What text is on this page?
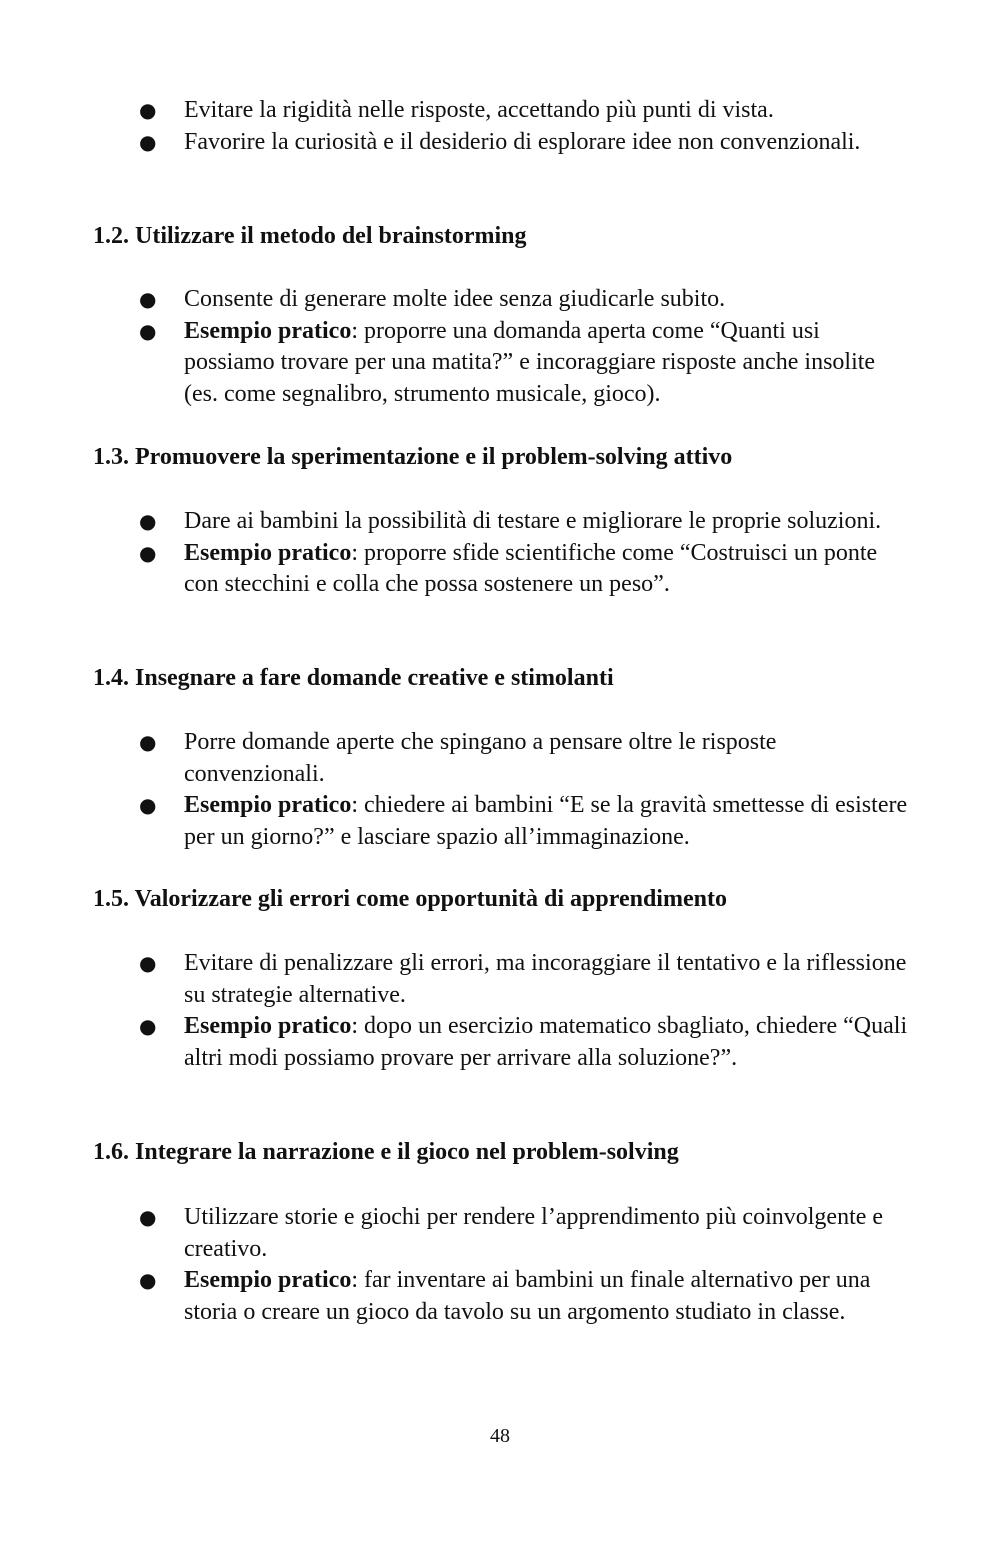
● Evitare la rigidità nelle risposte, accettando più punti di vista.
● Favorire la curiosità e il desiderio di esplorare idee non convenzionali.
1.2. Utilizzare il metodo del brainstorming
● Consente di generare molte idee senza giudicarle subito.
● Esempio pratico: proporre una domanda aperta come “Quanti usi possiamo trovare per una matita?” e incoraggiare risposte anche insolite (es. come segnalibro, strumento musicale, gioco).
1.3. Promuovere la sperimentazione e il problem-solving attivo
● Dare ai bambini la possibilità di testare e migliorare le proprie soluzioni.
● Esempio pratico: proporre sfide scientifiche come “Costruisci un ponte con stecchini e colla che possa sostenere un peso”.
1.4. Insegnare a fare domande creative e stimolanti
● Porre domande aperte che spingano a pensare oltre le risposte convenzionali.
● Esempio pratico: chiedere ai bambini “E se la gravità smettesse di esistere per un giorno?” e lasciare spazio all’immaginazione.
1.5. Valorizzare gli errori come opportunità di apprendimento
● Evitare di penalizzare gli errori, ma incoraggiare il tentativo e la riflessione su strategie alternative.
● Esempio pratico: dopo un esercizio matematico sbagliato, chiedere “Quali altri modi possiamo provare per arrivare alla soluzione?”.
1.6. Integrare la narrazione e il gioco nel problem-solving
● Utilizzare storie e giochi per rendere l’apprendimento più coinvolgente e creativo.
● Esempio pratico: far inventare ai bambini un finale alternativo per una storia o creare un gioco da tavolo su un argomento studiato in classe.
48
